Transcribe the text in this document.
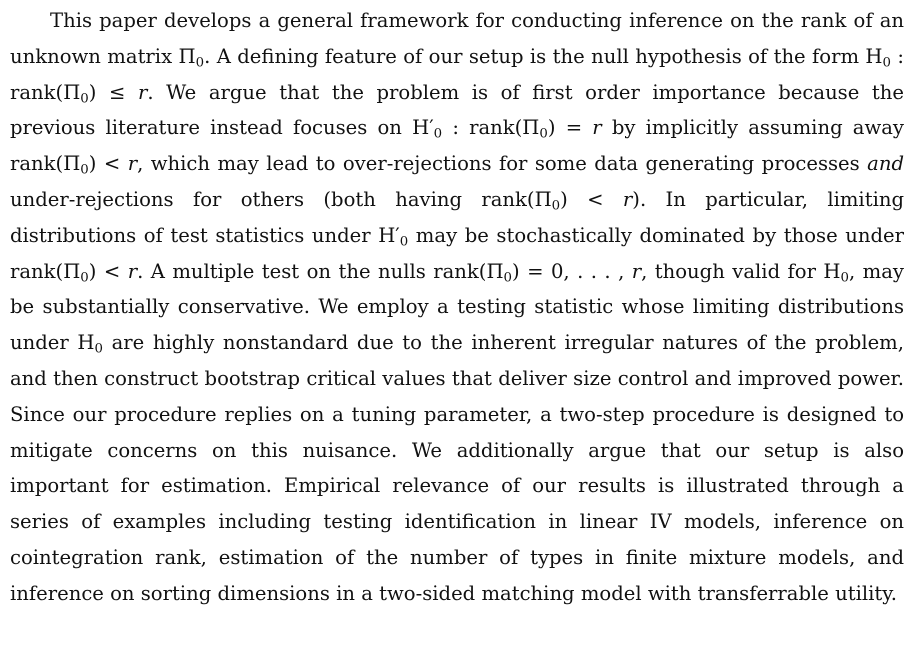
This paper develops a general framework for conducting inference on the rank of an unknown matrix $\Pi_0$. A defining feature of our setup is the null hypothesis of the form $H_0$ : $rank(\Pi_0) \le r$. We argue that the problem is of first order importance because the previous literature instead focuses on $H'_0$ : $rank(\Pi_0) = r$ by implicitly assuming away $rank(\Pi_0) < r$, which may lead to over-rejections for some data generating processes and under-rejections for others (both having $rank(\Pi_0) < r$). In particular, limiting distributions of test statistics under $H'_0$ may be stochastically dominated by those under $rank(\Pi_0) < r$. A multiple test on the nulls $rank(\Pi_0) = 0$, . . . , r, though valid for $H_0$, may be substantially conservative. We employ a testing statistic whose limiting distributions under $H_0$ are highly nonstandard due to the inherent irregular natures of the problem, and then construct bootstrap critical values that deliver size control and improved power. Since our procedure replies on a tuning parameter, a two-step procedure is designed to mitigate concerns on this nuisance. We additionally argue that our setup is also important for estimation. Empirical relevance of our results is illustrated through a series of examples including testing identification in linear IV models, inference on cointegration rank, estimation of the number of types in finite mixture models, and inference on sorting dimensions in a two-sided matching model with transferrable utility.
